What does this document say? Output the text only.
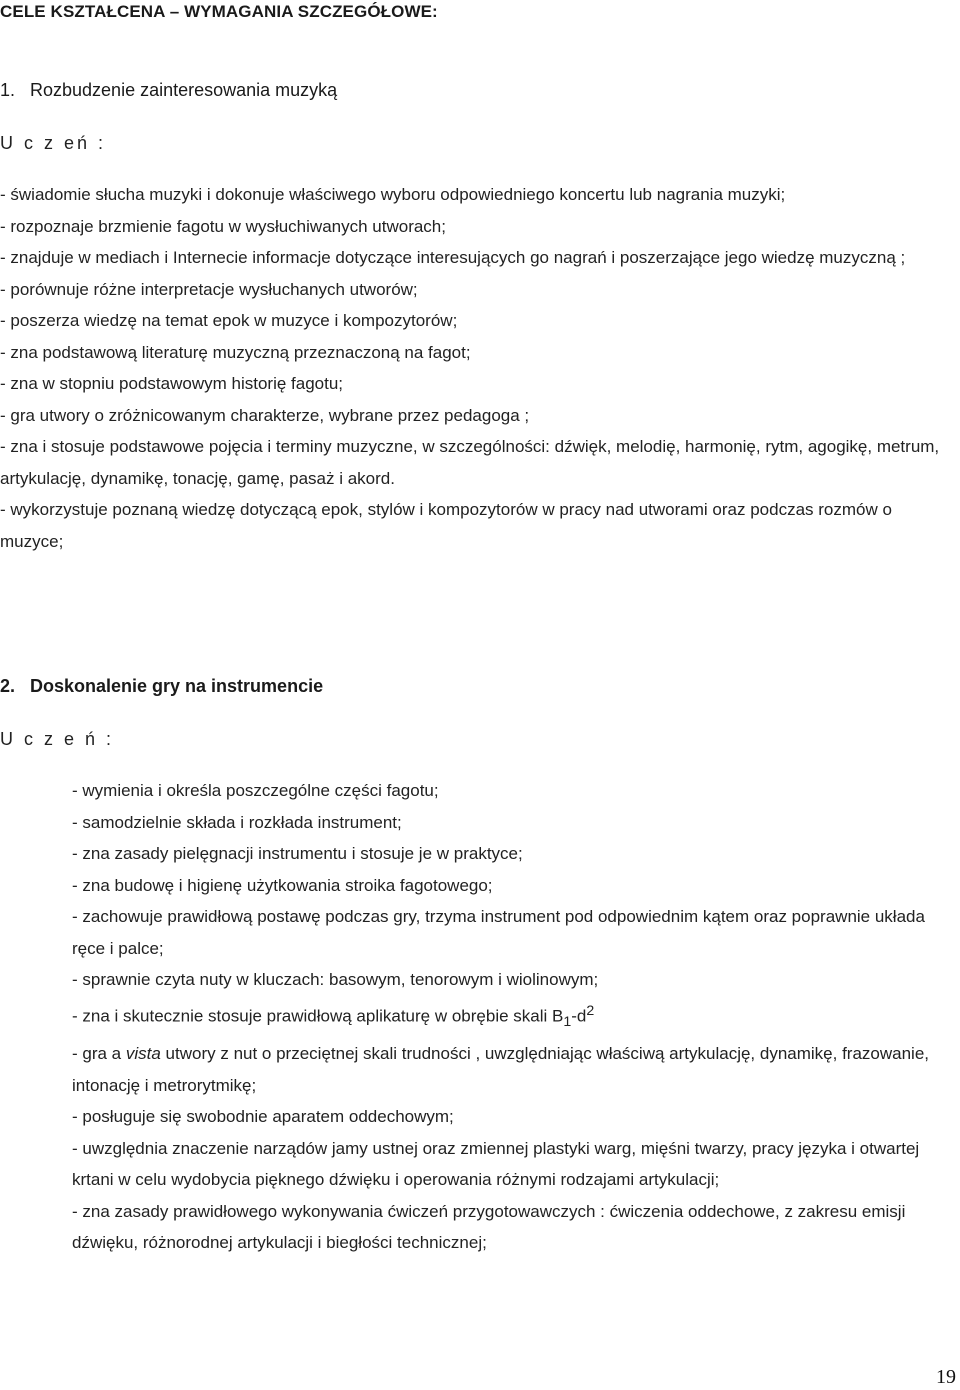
CELE KSZTAŁCENA – WYMAGANIA SZCZEGÓŁOWE:
1. Rozbudzenie zainteresowania muzyką
U c z eń :
- świadomie słucha muzyki i dokonuje właściwego wyboru odpowiedniego koncertu lub nagrania muzyki;
- rozpoznaje brzmienie fagotu w wysłuchiwanych utworach;
- znajduje w mediach i Internecie informacje dotyczące interesujących go nagrań i poszerzające jego wiedzę muzyczną ;
- porównuje różne interpretacje wysłuchanych utworów;
- poszerza wiedzę na temat epok w muzyce i kompozytorów;
- zna podstawową literaturę muzyczną przeznaczoną na fagot;
- zna w stopniu podstawowym historię fagotu;
- gra utwory o zróżnicowanym charakterze, wybrane przez pedagoga ;
- zna i stosuje podstawowe pojęcia i terminy muzyczne, w szczególności: dźwięk, melodię, harmonię, rytm, agogikę, metrum, artykulację, dynamikę, tonację, gamę, pasaż i akord.
- wykorzystuje poznaną wiedzę dotyczącą epok, stylów i kompozytorów w pracy nad utworami oraz podczas rozmów o muzyce;
2. Doskonalenie gry na instrumencie
U c z e ń :
- wymienia i określa poszczególne części fagotu;
- samodzielnie składa i rozkłada instrument;
- zna zasady pielęgnacji instrumentu i stosuje je w praktyce;
- zna budowę i higienę użytkowania stroika fagotowego;
- zachowuje prawidłową postawę podczas gry, trzyma instrument pod odpowiednim kątem oraz poprawnie układa ręce i palce;
- sprawnie czyta nuty w kluczach: basowym, tenorowym i wiolinowym;
- zna i skutecznie stosuje prawidłową aplikaturę w obrębie skali $B_1-d^2$
- gra a vista utwory z nut o przeciętnej skali trudności , uwzględniając właściwą artykulację, dynamikę, frazowanie, intonację i metrorytmikę;
- posługuje się swobodnie aparatem oddechowym;
- uwzględnia znaczenie narządów jamy ustnej oraz zmiennej plastyki warg, mięśni twarzy, pracy języka i otwartej krtani w celu wydobycia pięknego dźwięku i operowania różnymi rodzajami artykulacji;
- zna zasady prawidłowego wykonywania ćwiczeń przygotowawczych : ćwiczenia oddechowe, z zakresu emisji dźwięku, różnorodnej artykulacji i biegłości technicznej;
19
